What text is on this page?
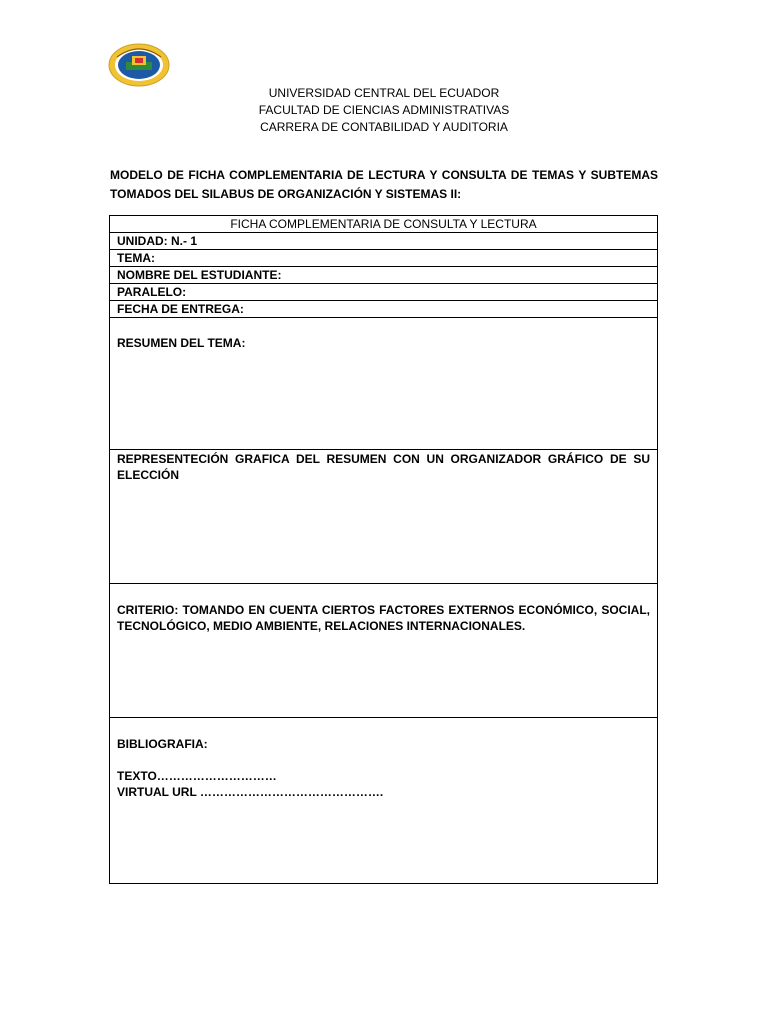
UNIVERSIDAD CENTRAL DEL ECUADOR
FACULTAD DE CIENCIAS ADMINISTRATIVAS
CARRERA DE CONTABILIDAD Y AUDITORIA
MODELO DE FICHA COMPLEMENTARIA DE LECTURA Y CONSULTA DE TEMAS Y SUBTEMAS TOMADOS DEL SILABUS DE ORGANIZACIÓN Y SISTEMAS II:
FICHA COMPLEMENTARIA DE CONSULTA Y LECTURA
UNIDAD: N.- 1
TEMA:
NOMBRE DEL ESTUDIANTE:
PARALELO:
FECHA DE ENTREGA:

RESUMEN DEL TEMA:

REPRESENTECIÓN GRAFICA DEL RESUMEN CON UN ORGANIZADOR GRÁFICO DE SU ELECCIÓN

CRITERIO: TOMANDO EN CUENTA CIERTOS FACTORES EXTERNOS ECONÓMICO, SOCIAL, TECNOLÓGICO, MEDIO AMBIENTE, RELACIONES INTERNACIONALES.

BIBLIOGRAFIA:
TEXTO…………………………
VIRTUAL URL ……………………………………….
